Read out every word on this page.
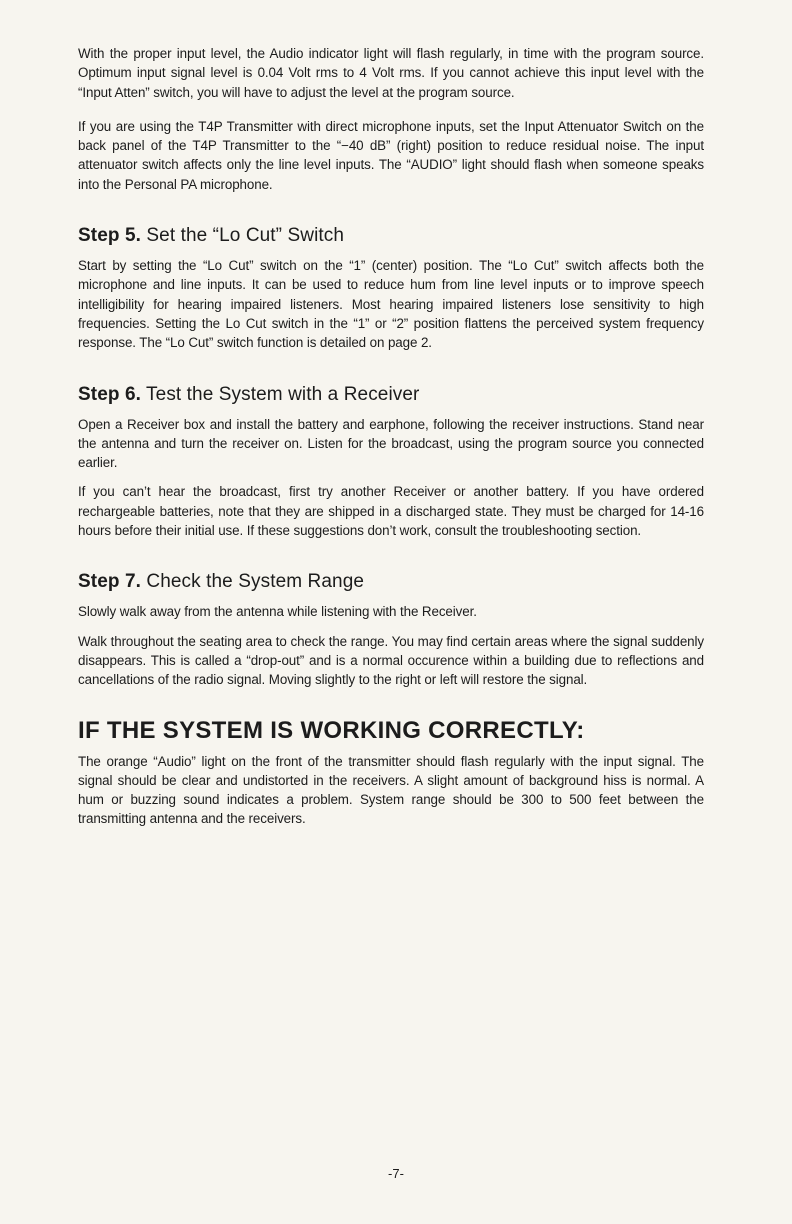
With the proper input level, the Audio indicator light will flash regularly, in time with the program source. Optimum input signal level is 0.04 Volt rms to 4 Volt rms. If you cannot achieve this input level with the “Input Atten” switch, you will have to adjust the level at the program source.

If you are using the T4P Transmitter with direct microphone inputs, set the Input Attenuator Switch on the back panel of the T4P Transmitter to the “−40 dB” (right) position to reduce residual noise. The input attenuator switch affects only the line level inputs. The “AUDIO” light should flash when someone speaks into the Personal PA microphone.

Step 5. Set the “Lo Cut” Switch

Start by setting the “Lo Cut” switch on the “1” (center) position. The “Lo Cut” switch affects both the microphone and line inputs. It can be used to reduce hum from line level inputs or to improve speech intelligibility for hearing impaired listeners. Most hearing impaired listeners lose sensitivity to high frequencies. Setting the Lo Cut switch in the “1” or “2” position flattens the perceived system frequency response. The “Lo Cut” switch function is detailed on page 2.

Step 6. Test the System with a Receiver

Open a Receiver box and install the battery and earphone, following the receiver instructions. Stand near the antenna and turn the receiver on. Listen for the broadcast, using the program source you connected earlier.

If you can’t hear the broadcast, first try another Receiver or another battery. If you have ordered rechargeable batteries, note that they are shipped in a discharged state. They must be charged for 14-16 hours before their initial use. If these suggestions don’t work, consult the troubleshooting section.

Step 7. Check the System Range

Slowly walk away from the antenna while listening with the Receiver.

Walk throughout the seating area to check the range. You may find certain areas where the signal suddenly disappears. This is called a “drop-out” and is a normal occurence within a building due to reflections and cancellations of the radio signal. Moving slightly to the right or left will restore the signal.

IF THE SYSTEM IS WORKING CORRECTLY:

The orange “Audio” light on the front of the transmitter should flash regularly with the input signal. The signal should be clear and undistorted in the receivers. A slight amount of background hiss is normal. A hum or buzzing sound indicates a problem. System range should be 300 to 500 feet between the transmitting antenna and the receivers.

-7-
